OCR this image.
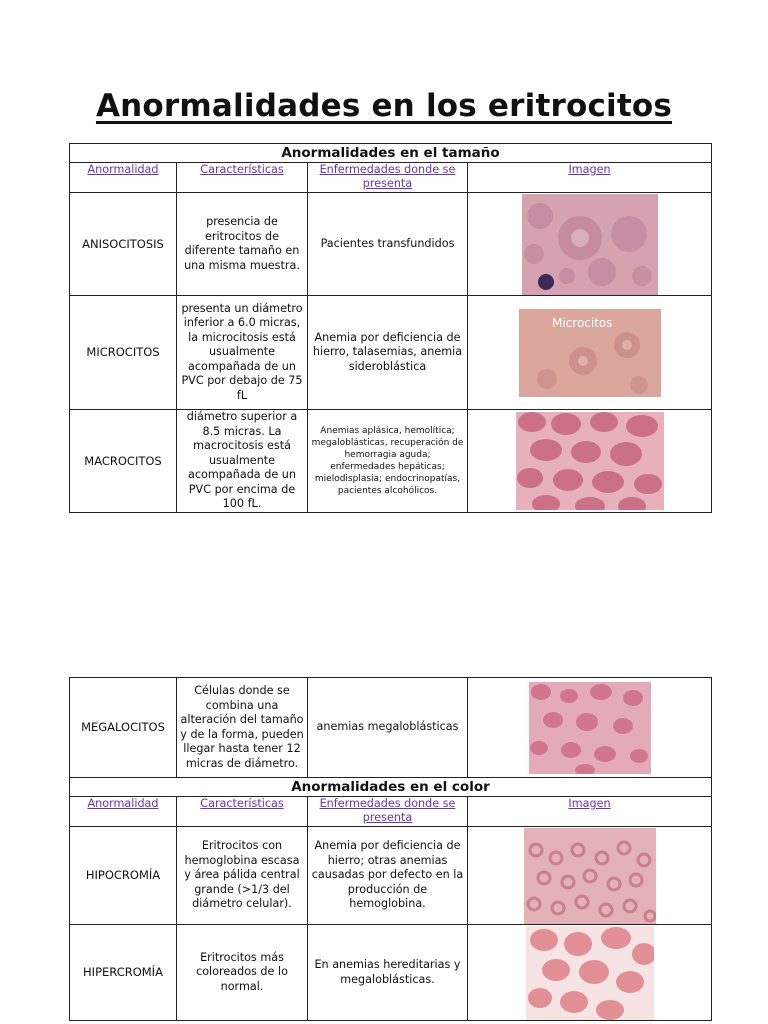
Anormalidades en los eritrocitos
Anormalidades en el tamaño			
Anormalidad	Características	Enfermedades donde se presenta	Imagen
ANISOCITOSIS	presencia de eritrocitos de diferente tamaño en una misma muestra.	Pacientes transfundidos	

MICROCITOS	presenta un diámetro inferior a 6.0 micras, la microcitosis está usualmente acompañada de un PVC por debajo de 75 fL	Anemia por deficiencia de hierro, talasemias, anemia sideroblástica	Microcitos

MACROCITOS	diámetro superior a 8.5 micras. La macrocitosis está usualmente acompañada de un PVC por encima de 100 fL.	Anemias aplásica, hemolítica; megaloblásticas, recuperación de hemorragia aguda; enfermedades hepáticas; mielodisplasia; endocrinopatías, pacientes alcohólicos.	
MEGALOCITOS	Células donde se combina una alteración del tamaño y de la forma, pueden llegar hasta tener 12 micras de diámetro.	anemias megaloblásticas	

Anormalidades en el color			
Anormalidad	Características	Enfermedades donde se presenta	Imagen
HIPOCROMÍA	Eritrocitos con hemoglobina escasa y área pálida central grande (>1/3 del diámetro celular).	Anemia por deficiencia de hierro; otras anemias causadas por defecto en la producción de hemoglobina.	

HIPERCROMÍA	Eritrocitos más coloreados de lo normal.	En anemias hereditarias y megaloblásticas.	
